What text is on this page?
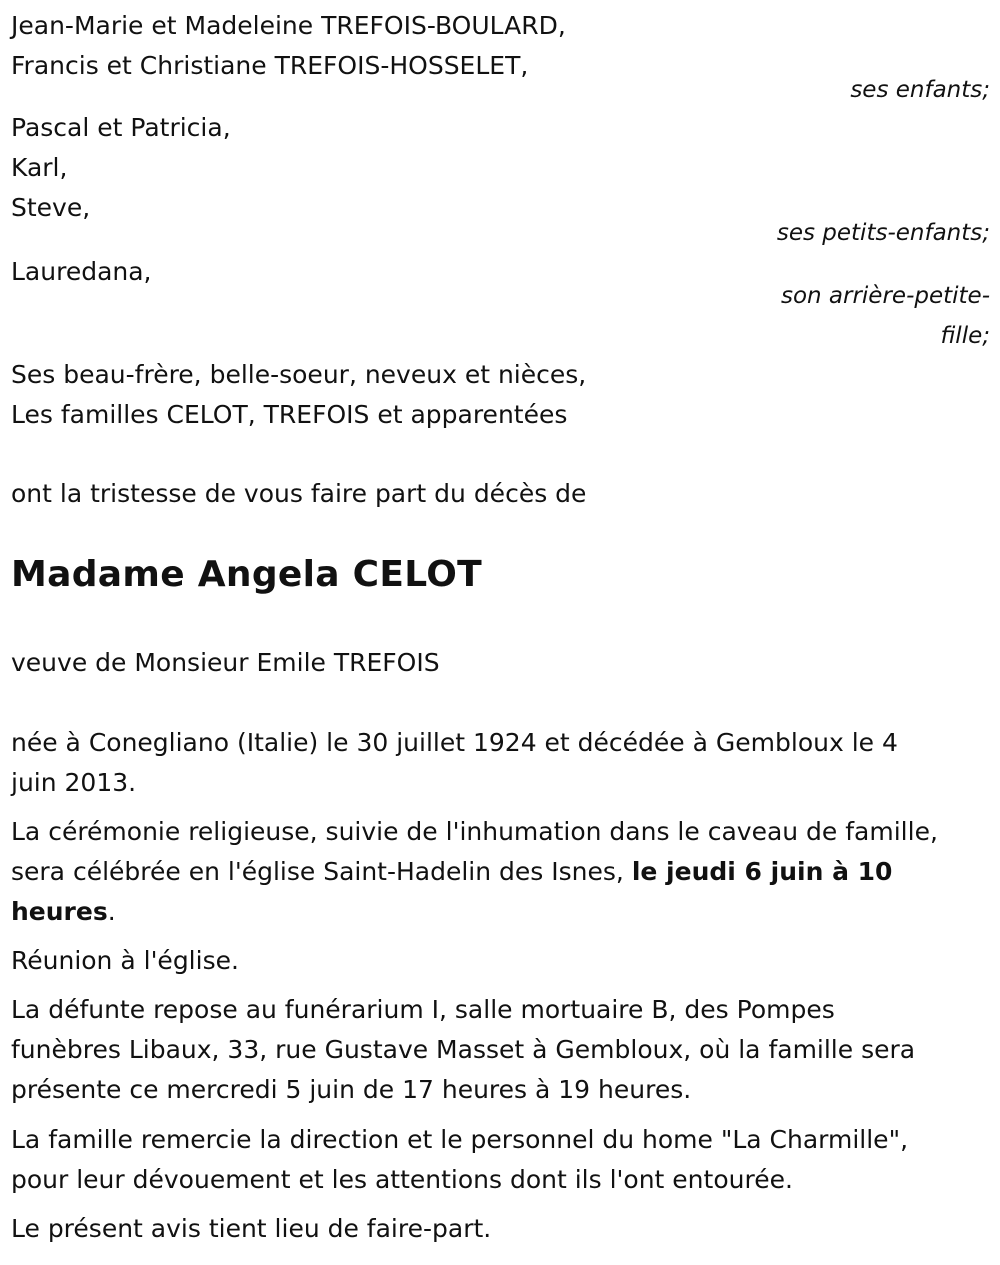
Jean-Marie et Madeleine TREFOIS-BOULARD,
Francis et Christiane TREFOIS-HOSSELET,
ses enfants;
Pascal et Patricia,
Karl,
Steve,
ses petits-enfants;
Lauredana,
son arrière-petite-
fille;
Ses beau-frère, belle-soeur, neveux et nièces,
Les familles CELOT, TREFOIS et apparentées
ont la tristesse de vous faire part du décès de
Madame Angela CELOT
veuve de Monsieur Emile TREFOIS
née à Conegliano (Italie) le 30 juillet 1924 et décédée à Gembloux le 4
juin 2013.
La cérémonie religieuse, suivie de l'inhumation dans le caveau de famille,
sera célébrée en l'église Saint-Hadelin des Isnes, le jeudi 6 juin à 10
heures.
Réunion à l'église.
La défunte repose au funérarium I, salle mortuaire B, des Pompes
funèbres Libaux, 33, rue Gustave Masset à Gembloux, où la famille sera
présente ce mercredi 5 juin de 17 heures à 19 heures.
La famille remercie la direction et le personnel du home "La Charmille",
pour leur dévouement et les attentions dont ils l'ont entourée.
Le présent avis tient lieu de faire-part.
